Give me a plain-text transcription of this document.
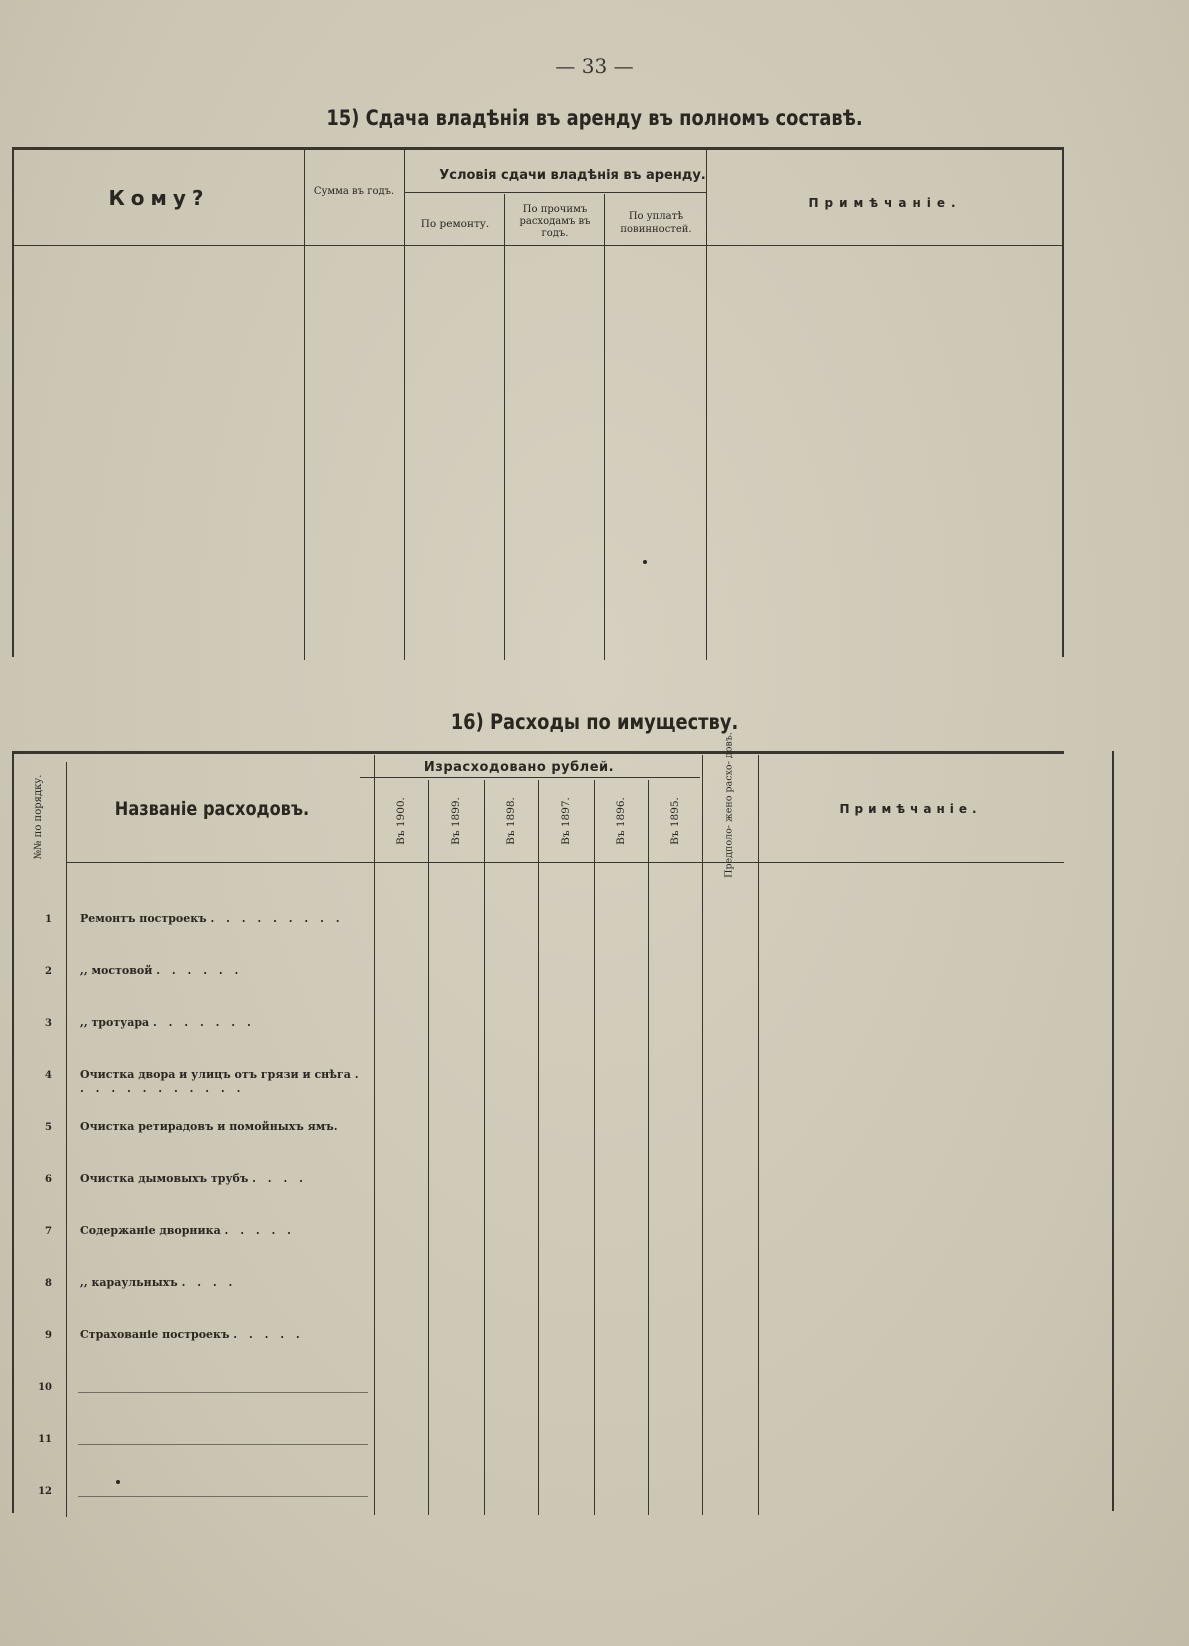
— 33 —
15) Сдача владѣнія въ аренду въ полномъ составѣ.
Кому?	Сумма въ годъ.
Условія сдачи владѣнія въ аренду.
По ремонту.
По прочимъ расходамъ въ годъ.
По уплатѣ повинностей.
Примѣчаніе.
16) Расходы по имуществу.
№№ по порядку.	Названіе расходовъ.
Израсходовано рублей.
Въ 1900.	Въ 1899.	Въ 1898.	Въ 1897.	Въ 1896.	Въ 1895.	Предполо- жено расхо- довъ.	Примѣчаніе.
1	Ремонтъ построекъ . . . . . . . . .
2	,, мостовой . . . . . .
3	,, тротуара . . . . . . .
4	Очистка двора и улицъ отъ грязи и снѣга . . . . . . . . . . . .
5	Очистка ретирадовъ и помойныхъ ямъ.
6	Очистка дымовыхъ трубъ . . . .
7	Содержаніе дворника . . . . .
8	,, караульныхъ . . . .
9	Страхованіе построекъ . . . . .
10
11
12
